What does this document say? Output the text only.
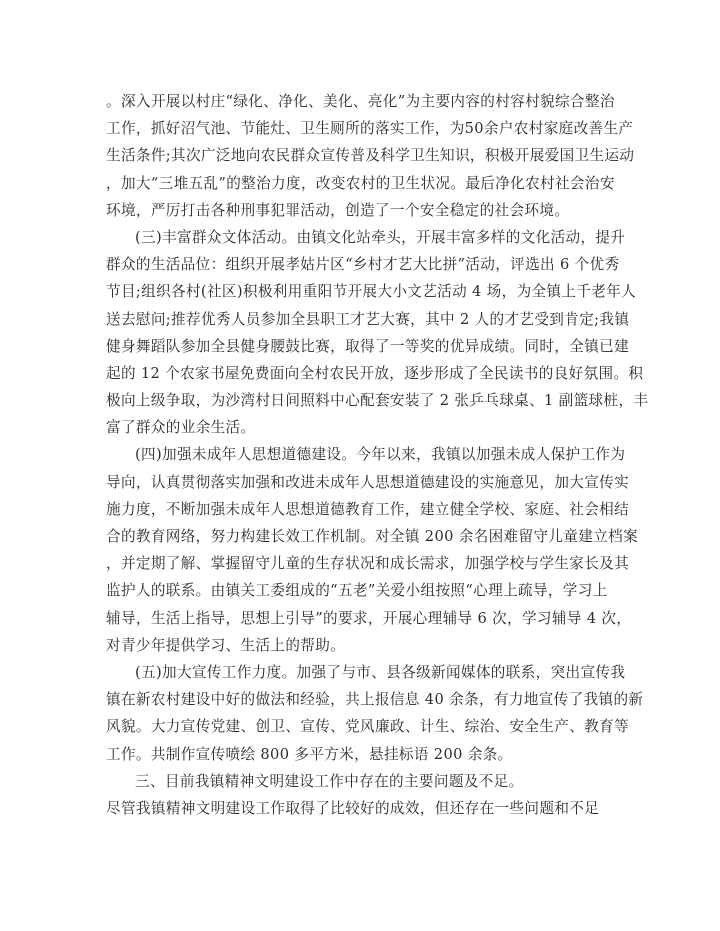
。深入开展以村庄“绿化、净化、美化、亮化”为主要内容的村容村貌综合整治
工作，抓好沼气池、节能灶、卫生厕所的落实工作，为50余户农村家庭改善生产
生活条件;其次广泛地向农民群众宣传普及科学卫生知识，积极开展爱国卫生运动
，加大“三堆五乱”的整治力度，改变农村的卫生状况。最后净化农村社会治安
环境，严厉打击各种刑事犯罪活动，创造了一个安全稳定的社会环境。
(三)丰富群众文体活动。由镇文化站牵头，开展丰富多样的文化活动，提升
群众的生活品位：组织开展孝姑片区“乡村才艺大比拼”活动，评选出 6 个优秀
节目;组织各村(社区)积极利用重阳节开展大小文艺活动 4 场，为全镇上千老年人
送去慰问;推荐优秀人员参加全县职工才艺大赛，其中 2 人的才艺受到肯定;我镇
健身舞蹈队参加全县健身腰鼓比赛，取得了一等奖的优异成绩。同时，全镇已建
起的 12 个农家书屋免费面向全村农民开放，逐步形成了全民读书的良好氛围。积
极向上级争取，为沙湾村日间照料中心配套安装了 2 张乒乓球桌、1 副篮球桩，丰
富了群众的业余生活。
(四)加强未成年人思想道德建设。今年以来，我镇以加强未成人保护工作为
导向，认真贯彻落实加强和改进未成年人思想道德建设的实施意见，加大宣传实
施力度，不断加强未成年人思想道德教育工作，建立健全学校、家庭、社会相结
合的教育网络，努力构建长效工作机制。对全镇 200 余名困难留守儿童建立档案
，并定期了解、掌握留守儿童的生存状况和成长需求，加强学校与学生家长及其
监护人的联系。由镇关工委组成的“五老”关爱小组按照“心理上疏导，学习上
辅导，生活上指导，思想上引导”的要求，开展心理辅导 6 次，学习辅导 4 次，
对青少年提供学习、生活上的帮助。
(五)加大宣传工作力度。加强了与市、县各级新闻媒体的联系，突出宣传我
镇在新农村建设中好的做法和经验，共上报信息 40 余条，有力地宣传了我镇的新
风貌。大力宣传党建、创卫、宣传、党风廉政、计生、综治、安全生产、教育等
工作。共制作宣传喷绘 800 多平方米，悬挂标语 200 余条。
三、目前我镇精神文明建设工作中存在的主要问题及不足。
尽管我镇精神文明建设工作取得了比较好的成效，但还存在一些问题和不足
